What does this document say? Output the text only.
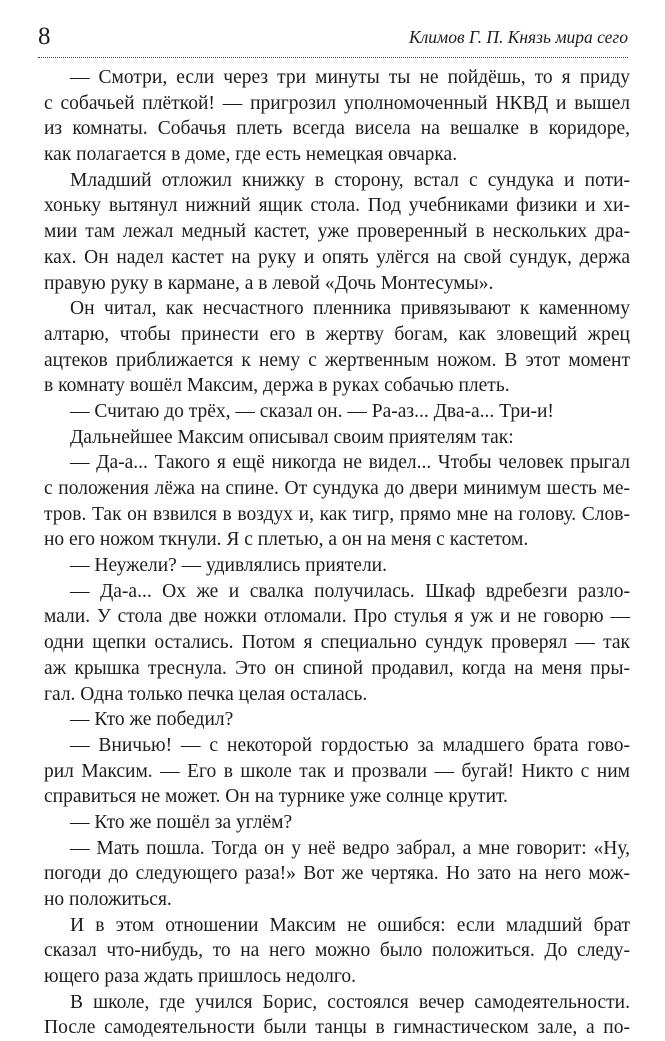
8	Климов Г. П. Князь мира сего
— Смотри, если через три минуты ты не пойдёшь, то я приду
с собачьей плёткой! — пригрозил уполномоченный НКВД и вышел
из комнаты. Собачья плеть всегда висела на вешалке в коридоре,
как полагается в доме, где есть немецкая овчарка.
Младший отложил книжку в сторону, встал с сундука и поти-
хоньку вытянул нижний ящик стола. Под учебниками физики и хи-
мии там лежал медный кастет, уже проверенный в нескольких дра-
ках. Он надел кастет на руку и опять улёгся на свой сундук, держа
правую руку в кармане, а в левой «Дочь Монтесумы».
Он читал, как несчастного пленника привязывают к каменному
алтарю, чтобы принести его в жертву богам, как зловещий жрец
ацтеков приближается к нему с жертвенным ножом. В этот момент
в комнату вошёл Максим, держа в руках собачью плеть.
— Считаю до трёх, — сказал он. — Ра-аз... Два-а... Три-и!
Дальнейшее Максим описывал своим приятелям так:
— Да-а... Такого я ещё никогда не видел... Чтобы человек прыгал
с положения лёжа на спине. От сундука до двери минимум шесть ме-
тров. Так он взвился в воздух и, как тигр, прямо мне на голову. Слов-
но его ножом ткнули. Я с плетью, а он на меня с кастетом.
— Неужели? — удивлялись приятели.
— Да-а... Ох же и свалка получилась. Шкаф вдребезги разло-
мали. У стола две ножки отломали. Про стулья я уж и не говорю —
одни щепки остались. Потом я специально сундук проверял — так
аж крышка треснула. Это он спиной продавил, когда на меня пры-
гал. Одна только печка целая осталась.
— Кто же победил?
— Вничью! — с некоторой гордостью за младшего брата гово-
рил Максим. — Его в школе так и прозвали — бугай! Никто с ним
справиться не может. Он на турнике уже солнце крутит.
— Кто же пошёл за углём?
— Мать пошла. Тогда он у неё ведро забрал, а мне говорит: «Ну,
погоди до следующего раза!» Вот же чертяка. Но зато на него мож-
но положиться.
И в этом отношении Максим не ошибся: если младший брат
сказал что-нибудь, то на него можно было положиться. До следу-
ющего раза ждать пришлось недолго.
В школе, где учился Борис, состоялся вечер самодеятельности.
После самодеятельности были танцы в гимнастическом зале, а по-
